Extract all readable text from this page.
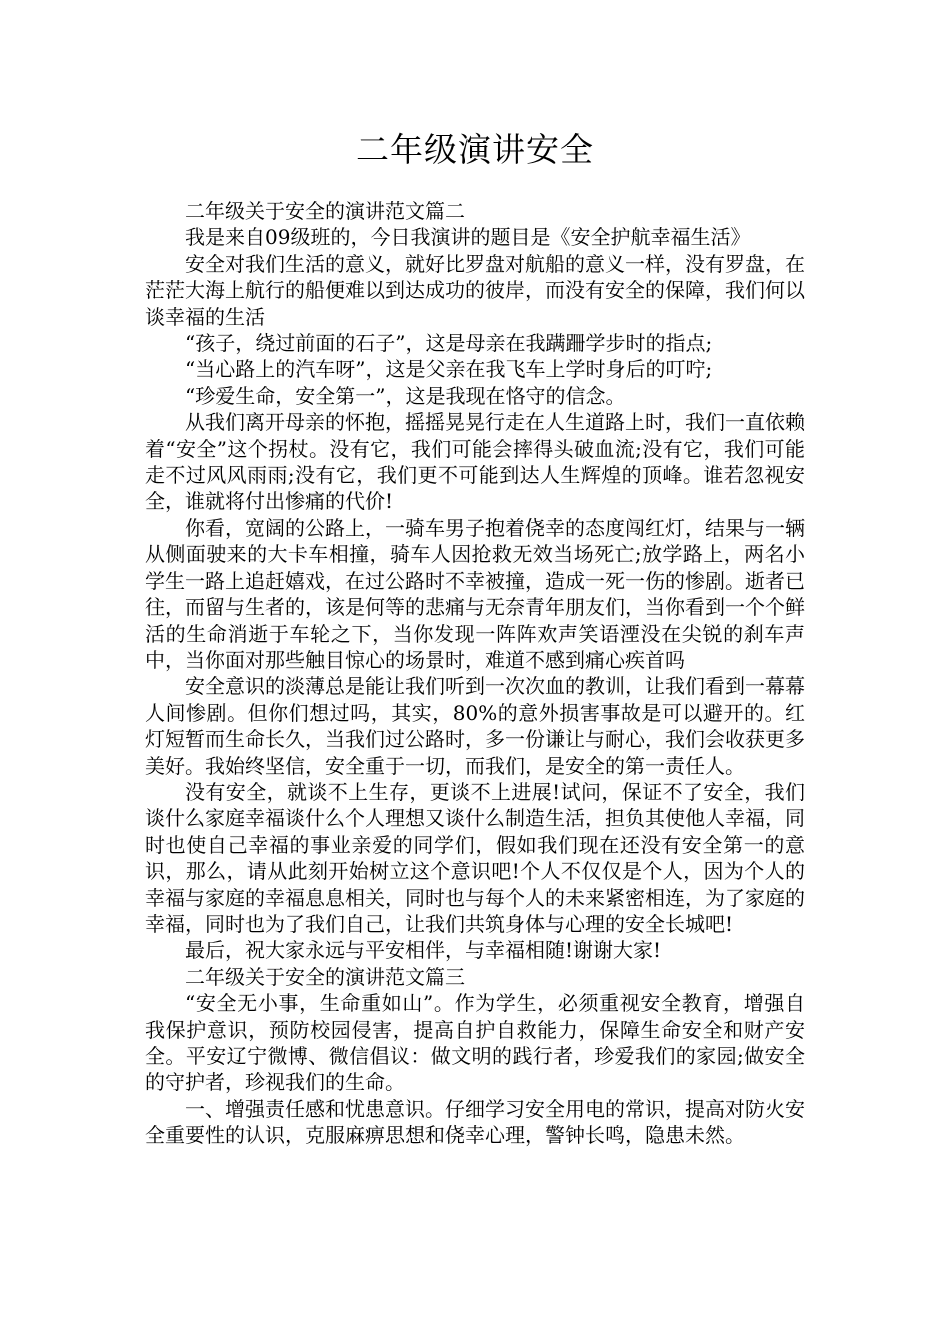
二年级演讲安全

二年级关于安全的演讲范文篇二

我是来自09级班的，今日我演讲的题目是《安全护航幸福生活》

安全对我们生活的意义，就好比罗盘对航船的意义一样，没有罗盘，在茫茫大海上航行的船便难以到达成功的彼岸，而没有安全的保障，我们何以谈幸福的生活

“孩子，绕过前面的石子”，这是母亲在我蹒跚学步时的指点;

“当心路上的汽车呀”，这是父亲在我飞车上学时身后的叮咛;

“珍爱生命，安全第一”，这是我现在恪守的信念。

从我们离开母亲的怀抱，摇摇晃晃行走在人生道路上时，我们一直依赖着“安全”这个拐杖。没有它，我们可能会摔得头破血流;没有它，我们可能走不过风风雨雨;没有它，我们更不可能到达人生辉煌的顶峰。谁若忽视安全，谁就将付出惨痛的代价!

你看，宽阔的公路上，一骑车男子抱着侥幸的态度闯红灯，结果与一辆从侧面驶来的大卡车相撞，骑车人因抢救无效当场死亡;放学路上，两名小学生一路上追赶嬉戏，在过公路时不幸被撞，造成一死一伤的惨剧。逝者已往，而留与生者的，该是何等的悲痛与无奈青年朋友们，当你看到一个个鲜活的生命消逝于车轮之下，当你发现一阵阵欢声笑语湮没在尖锐的刹车声中，当你面对那些触目惊心的场景时，难道不感到痛心疾首吗

安全意识的淡薄总是能让我们听到一次次血的教训，让我们看到一幕幕人间惨剧。但你们想过吗，其实，80%的意外损害事故是可以避开的。红灯短暂而生命长久，当我们过公路时，多一份谦让与耐心，我们会收获更多美好。我始终坚信，安全重于一切，而我们，是安全的第一责任人。

没有安全，就谈不上生存，更谈不上进展!试问，保证不了安全，我们谈什么家庭幸福谈什么个人理想又谈什么制造生活，担负其使他人幸福，同时也使自己幸福的事业亲爱的同学们，假如我们现在还没有安全第一的意识，那么，请从此刻开始树立这个意识吧!个人不仅仅是个人，因为个人的幸福与家庭的幸福息息相关，同时也与每个人的未来紧密相连，为了家庭的幸福，同时也为了我们自己，让我们共筑身体与心理的安全长城吧!

最后，祝大家永远与平安相伴，与幸福相随!谢谢大家!

二年级关于安全的演讲范文篇三

“安全无小事，生命重如山”。作为学生，必须重视安全教育，增强自我保护意识，预防校园侵害，提高自护自救能力，保障生命安全和财产安全。平安辽宁微博、微信倡议：做文明的践行者，珍爱我们的家园;做安全的守护者，珍视我们的生命。

一、增强责任感和忧患意识。仔细学习安全用电的常识，提高对防火安全重要性的认识，克服麻痹思想和侥幸心理，警钟长鸣，隐患未然。
